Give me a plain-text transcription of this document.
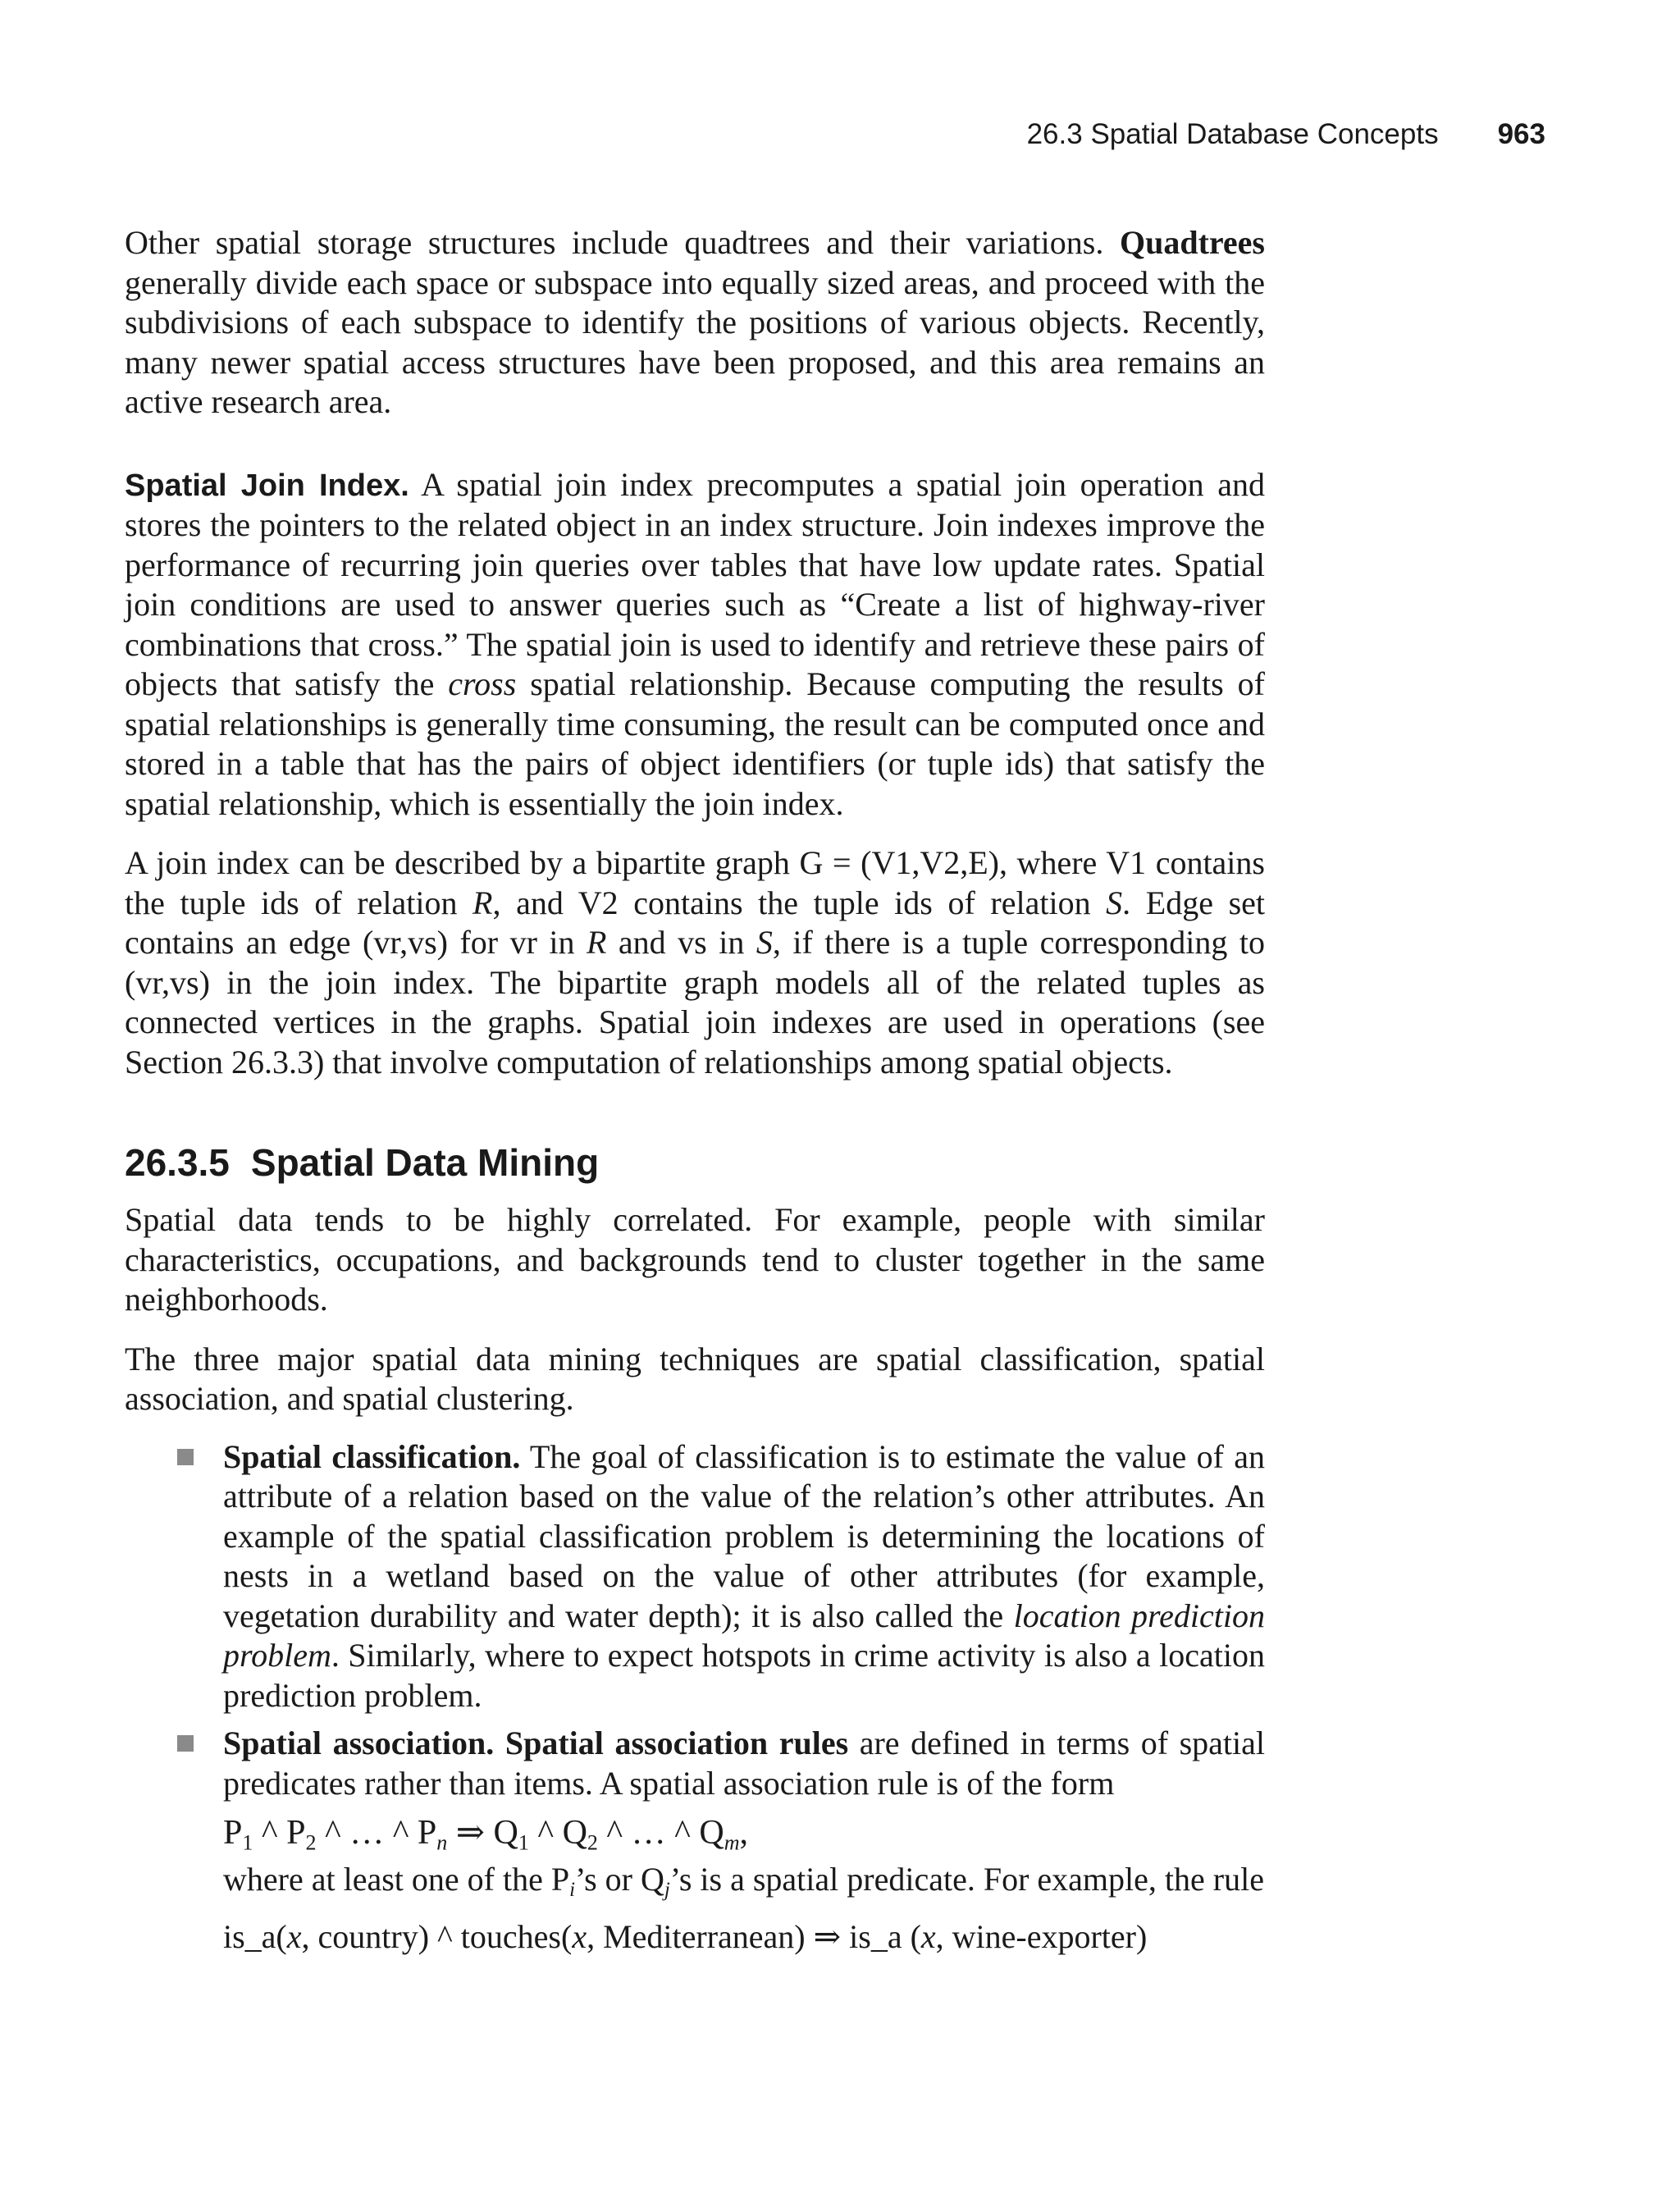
26.3 Spatial Database Concepts 963

Other spatial storage structures include quadtrees and their variations. Quadtrees generally divide each space or subspace into equally sized areas, and proceed with the subdivisions of each subspace to identify the positions of various objects. Recently, many newer spatial access structures have been proposed, and this area remains an active research area.

Spatial Join Index. A spatial join index precomputes a spatial join operation and stores the pointers to the related object in an index structure. Join indexes improve the performance of recurring join queries over tables that have low update rates. Spatial join conditions are used to answer queries such as “Create a list of highway-river combinations that cross.” The spatial join is used to identify and retrieve these pairs of objects that satisfy the cross spatial relationship. Because computing the results of spatial relationships is generally time consuming, the result can be computed once and stored in a table that has the pairs of object identifiers (or tuple ids) that satisfy the spatial relationship, which is essentially the join index.

A join index can be described by a bipartite graph G = (V1,V2,E), where V1 contains the tuple ids of relation R, and V2 contains the tuple ids of relation S. Edge set contains an edge (vr,vs) for vr in R and vs in S, if there is a tuple corresponding to (vr,vs) in the join index. The bipartite graph models all of the related tuples as connected vertices in the graphs. Spatial join indexes are used in operations (see Section 26.3.3) that involve computation of relationships among spatial objects.

26.3.5 Spatial Data Mining

Spatial data tends to be highly correlated. For example, people with similar characteristics, occupations, and backgrounds tend to cluster together in the same neighborhoods.

The three major spatial data mining techniques are spatial classification, spatial association, and spatial clustering.

Spatial classification. The goal of classification is to estimate the value of an attribute of a relation based on the value of the relation’s other attributes. An example of the spatial classification problem is determining the locations of nests in a wetland based on the value of other attributes (for example, vegetation durability and water depth); it is also called the location prediction problem. Similarly, where to expect hotspots in crime activity is also a location prediction problem.

Spatial association. Spatial association rules are defined in terms of spatial predicates rather than items. A spatial association rule is of the form

$P_1$ ^ $P_2$ ^ … ^ $P_n$ ⇒ $Q_1$ ^ $Q_2$ ^ … ^ $Q_m$,

where at least one of the $P_i’s$ or $Q_j’s$ is a spatial predicate. For example, the rule

is_a(x, country) ^ touches(x, Mediterranean) ⇒ is_a (x, wine-exporter)
